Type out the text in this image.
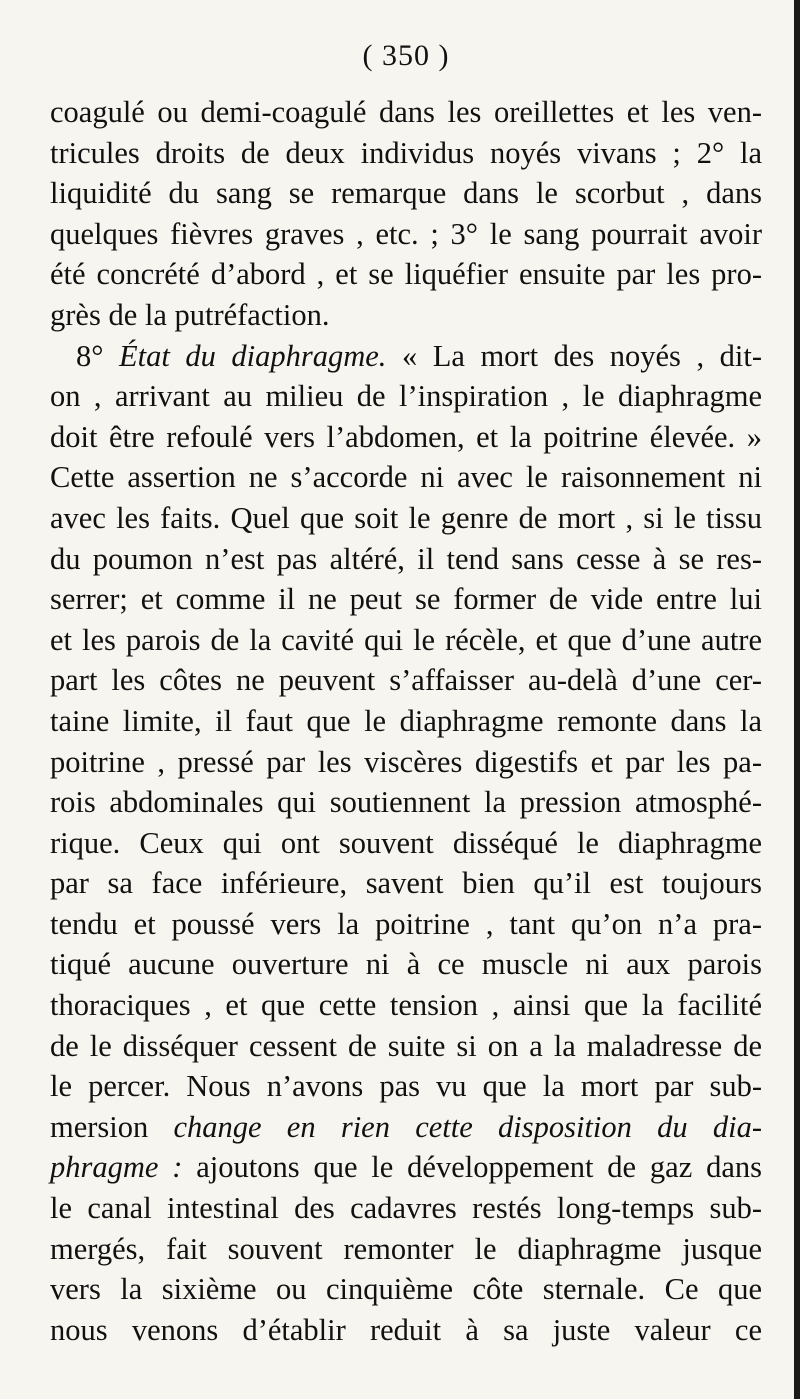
( 350 )
coagulé ou demi-coagulé dans les oreillettes et les ven-
tricules droits de deux individus noyés vivans ; 2° la
liquidité du sang se remarque dans le scorbut , dans
quelques fièvres graves , etc. ; 3° le sang pourrait avoir
été concrété d’abord , et se liquéfier ensuite par les pro-
grès de la putréfaction.
8° État du diaphragme. « La mort des noyés , dit-
on , arrivant au milieu de l’inspiration , le diaphragme
doit être refoulé vers l’abdomen, et la poitrine élevée. »
Cette assertion ne s’accorde ni avec le raisonnement ni
avec les faits. Quel que soit le genre de mort , si le tissu
du poumon n’est pas altéré, il tend sans cesse à se res-
serrer; et comme il ne peut se former de vide entre lui
et les parois de la cavité qui le récèle, et que d’une autre
part les côtes ne peuvent s’affaisser au-delà d’une cer-
taine limite, il faut que le diaphragme remonte dans la
poitrine , pressé par les viscères digestifs et par les pa-
rois abdominales qui soutiennent la pression atmosphé-
rique. Ceux qui ont souvent disséqué le diaphragme
par sa face inférieure, savent bien qu’il est toujours
tendu et poussé vers la poitrine , tant qu’on n’a pra-
tiqué aucune ouverture ni à ce muscle ni aux parois
thoraciques , et que cette tension , ainsi que la facilité
de le disséquer cessent de suite si on a la maladresse de
le percer. Nous n’avons pas vu que la mort par sub-
mersion change en rien cette disposition du dia-
phragme : ajoutons que le développement de gaz dans
le canal intestinal des cadavres restés long-temps sub-
mergés, fait souvent remonter le diaphragme jusque
vers la sixième ou cinquième côte sternale. Ce que
nous venons d’établir reduit à sa juste valeur ce
